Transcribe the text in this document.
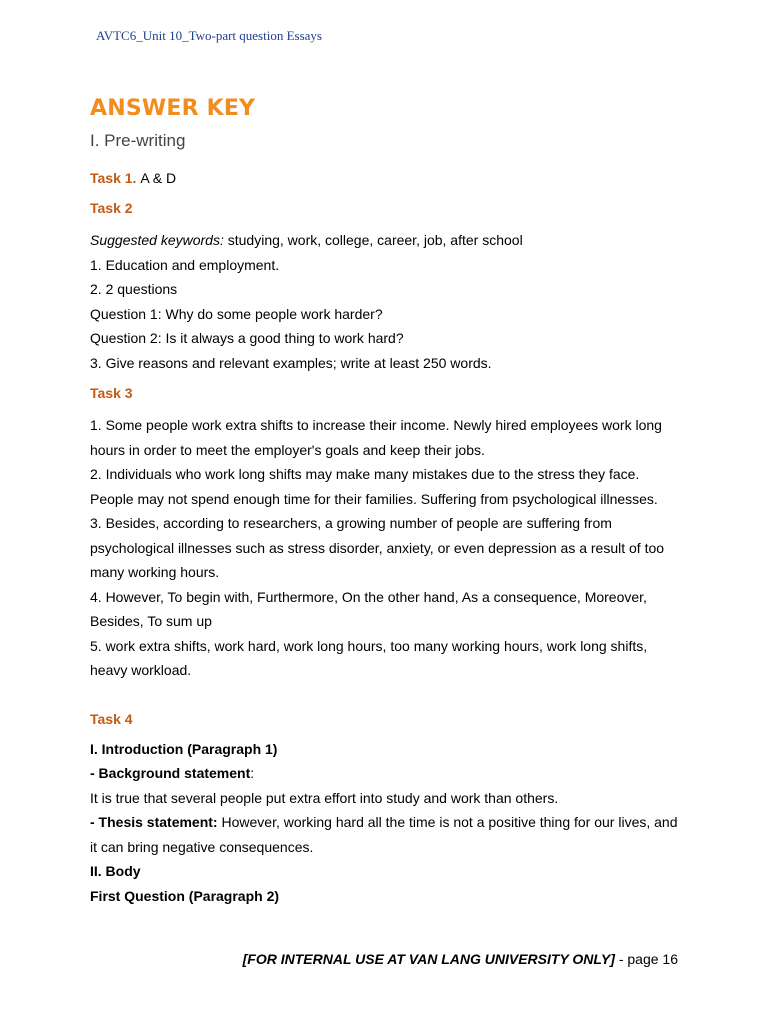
AVTC6_Unit 10_Two-part question Essays
ANSWER KEY
I. Pre-writing
Task 1. A & D
Task 2
Suggested keywords: studying, work, college, career, job, after school
1. Education and employment.
2. 2 questions
Question 1: Why do some people work harder?
Question 2: Is it always a good thing to work hard?
3. Give reasons and relevant examples; write at least 250 words.
Task 3
1. Some people work extra shifts to increase their income. Newly hired employees work long
hours in order to meet the employer's goals and keep their jobs.
2. Individuals who work long shifts may make many mistakes due to the stress they face.
People may not spend enough time for their families. Suffering from psychological illnesses.
3. Besides, according to researchers, a growing number of people are suffering from
psychological illnesses such as stress disorder, anxiety, or even depression as a result of too
many working hours.
4. However, To begin with, Furthermore, On the other hand, As a consequence, Moreover,
Besides, To sum up
5. work extra shifts, work hard, work long hours, too many working hours, work long shifts,
heavy workload.
Task 4
I. Introduction (Paragraph 1)
- Background statement:
It is true that several people put extra effort into study and work than others.
- Thesis statement: However, working hard all the time is not a positive thing for our lives, and
it can bring negative consequences.
II. Body
First Question (Paragraph 2)
[FOR INTERNAL USE AT VAN LANG UNIVERSITY ONLY] - page 16
